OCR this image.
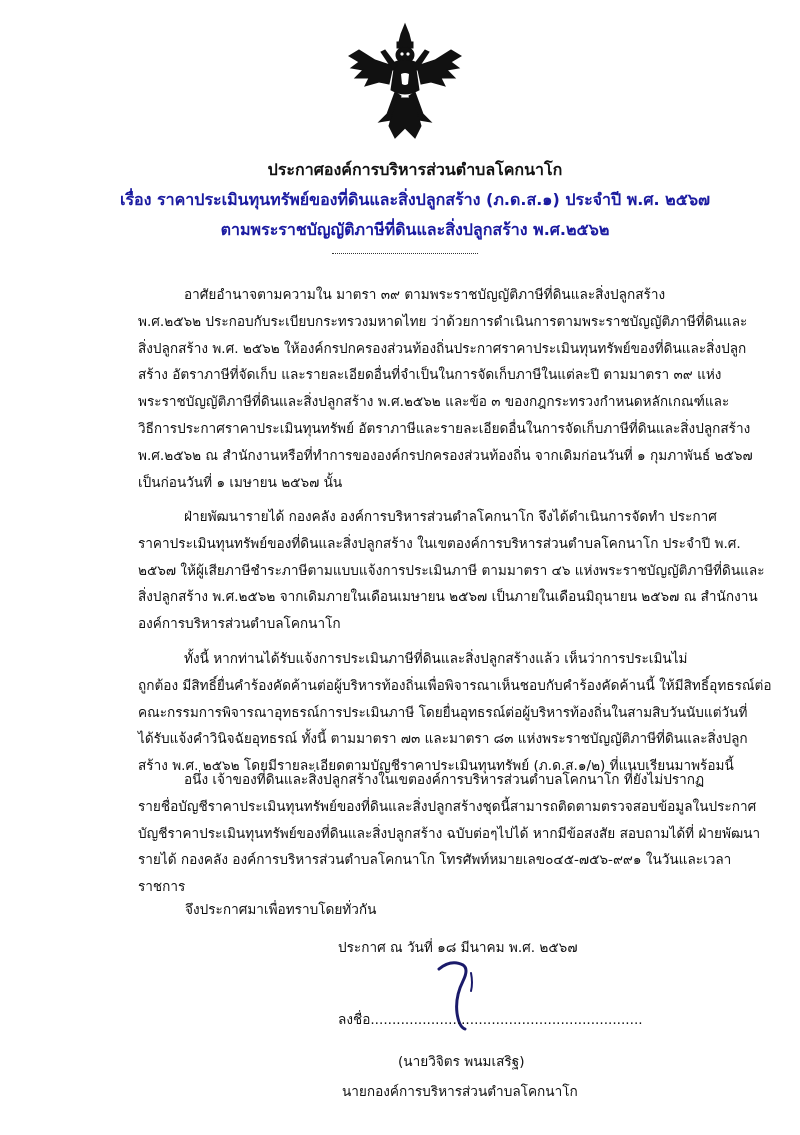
ประกาศองค์การบริหารส่วนตำบลโคกนาโก
เรื่อง ราคาประเมินทุนทรัพย์ของที่ดินและสิ่งปลูกสร้าง (ภ.ด.ส.๑) ประจำปี พ.ศ. ๒๕๖๗
ตามพระราชบัญญัติภาษีที่ดินและสิ่งปลูกสร้าง พ.ศ.๒๕๖๒
อาศัยอำนาจตามความใน มาตรา ๓๙ ตามพระราชบัญญัติภาษีที่ดินและสิ่งปลูกสร้าง
พ.ศ.๒๕๖๒ ประกอบกับระเบียบกระทรวงมหาดไทย ว่าด้วยการดำเนินการตามพระราชบัญญัติภาษีที่ดินและ
สิ่งปลูกสร้าง พ.ศ. ๒๕๖๒ ให้องค์กรปกครองส่วนท้องถิ่นประกาศราคาประเมินทุนทรัพย์ของที่ดินและสิ่งปลูก
สร้าง อัตราภาษีที่จัดเก็บ และรายละเอียดอื่นที่จำเป็นในการจัดเก็บภาษีในแต่ละปี ตามมาตรา ๓๙ แห่ง
พระราชบัญญัติภาษีที่ดินและสิ่งปลูกสร้าง พ.ศ.๒๕๖๒ และข้อ ๓ ของกฎกระทรวงกำหนดหลักเกณฑ์และ
วิธีการประกาศราคาประเมินทุนทรัพย์ อัตราภาษีและรายละเอียดอื่นในการจัดเก็บภาษีที่ดินและสิ่งปลูกสร้าง
พ.ศ.๒๕๖๒ ณ สำนักงานหรือที่ทำการขององค์กรปกครองส่วนท้องถิ่น จากเดิมก่อนวันที่ ๑ กุมภาพันธ์ ๒๕๖๗
เป็นก่อนวันที่ ๑ เมษายน ๒๕๖๗ นั้น
ฝ่ายพัฒนารายได้ กองคลัง องค์การบริหารส่วนตำลโคกนาโก จึงได้ดำเนินการจัดทำ ประกาศ
ราคาประเมินทุนทรัพย์ของที่ดินและสิ่งปลูกสร้าง ในเขตองค์การบริหารส่วนตำบลโคกนาโก ประจำปี พ.ศ.
๒๕๖๗ ให้ผู้เสียภาษีชำระภาษีตามแบบแจ้งการประเมินภาษี ตามมาตรา ๔๖ แห่งพระราชบัญญัติภาษีที่ดินและ
สิ่งปลูกสร้าง พ.ศ.๒๕๖๒ จากเดิมภายในเดือนเมษายน ๒๕๖๗ เป็นภายในเดือนมิถุนายน ๒๕๖๗ ณ สำนักงาน
องค์การบริหารส่วนตำบลโคกนาโก
ทั้งนี้ หากท่านได้รับแจ้งการประเมินภาษีที่ดินและสิ่งปลูกสร้างแล้ว เห็นว่าการประเมินไม่
ถูกต้อง มีสิทธิ์ยื่นคำร้องคัดค้านต่อผู้บริหารท้องถิ่นเพื่อพิจารณาเห็นชอบกับคำร้องคัดค้านนี้ ให้มีสิทธิ์อุทธรณ์ต่อ
คณะกรรมการพิจารณาอุทธรณ์การประเมินภาษี โดยยื่นอุทธรณ์ต่อผู้บริหารท้องถิ่นในสามสิบวันนับแต่วันที่
ได้รับแจ้งคำวินิจฉัยอุทธรณ์ ทั้งนี้ ตามมาตรา ๗๓ และมาตรา ๘๓ แห่งพระราชบัญญัติภาษีที่ดินและสิ่งปลูก
สร้าง พ.ศ. ๒๕๖๒ โดยมีรายละเอียดตามบัญชีราคาประเมินทุนทรัพย์ (ภ.ด.ส.๑/๒) ที่แนบเรียนมาพร้อมนี้
อนึ่ง เจ้าของที่ดินและสิ่งปลูกสร้างในเขตองค์การบริหารส่วนตำบลโคกนาโก ที่ยังไม่ปรากฏ
รายชื่อบัญชีราคาประเมินทุนทรัพย์ของที่ดินและสิ่งปลูกสร้างชุดนี้สามารถติดตามตรวจสอบข้อมูลในประกาศ
บัญชีราคาประเมินทุนทรัพย์ของที่ดินและสิ่งปลูกสร้าง ฉบับต่อๆไปได้ หากมีข้อสงสัย สอบถามได้ที่ ฝ่ายพัฒนา
รายได้ กองคลัง องค์การบริหารส่วนตำบลโคกนาโก โทรศัพท์หมายเลข๐๔๕-๗๕๖-๙๙๑ ในวันและเวลา
ราชการ
จึงประกาศมาเพื่อทราบโดยทั่วกัน
ประกาศ ณ วันที่ ๑๘ มีนาคม พ.ศ. ๒๕๖๗
ลงชื่อ...............................................................
(นายวิจิตร พนมเสริฐ)
นายกองค์การบริหารส่วนตำบลโคกนาโก
